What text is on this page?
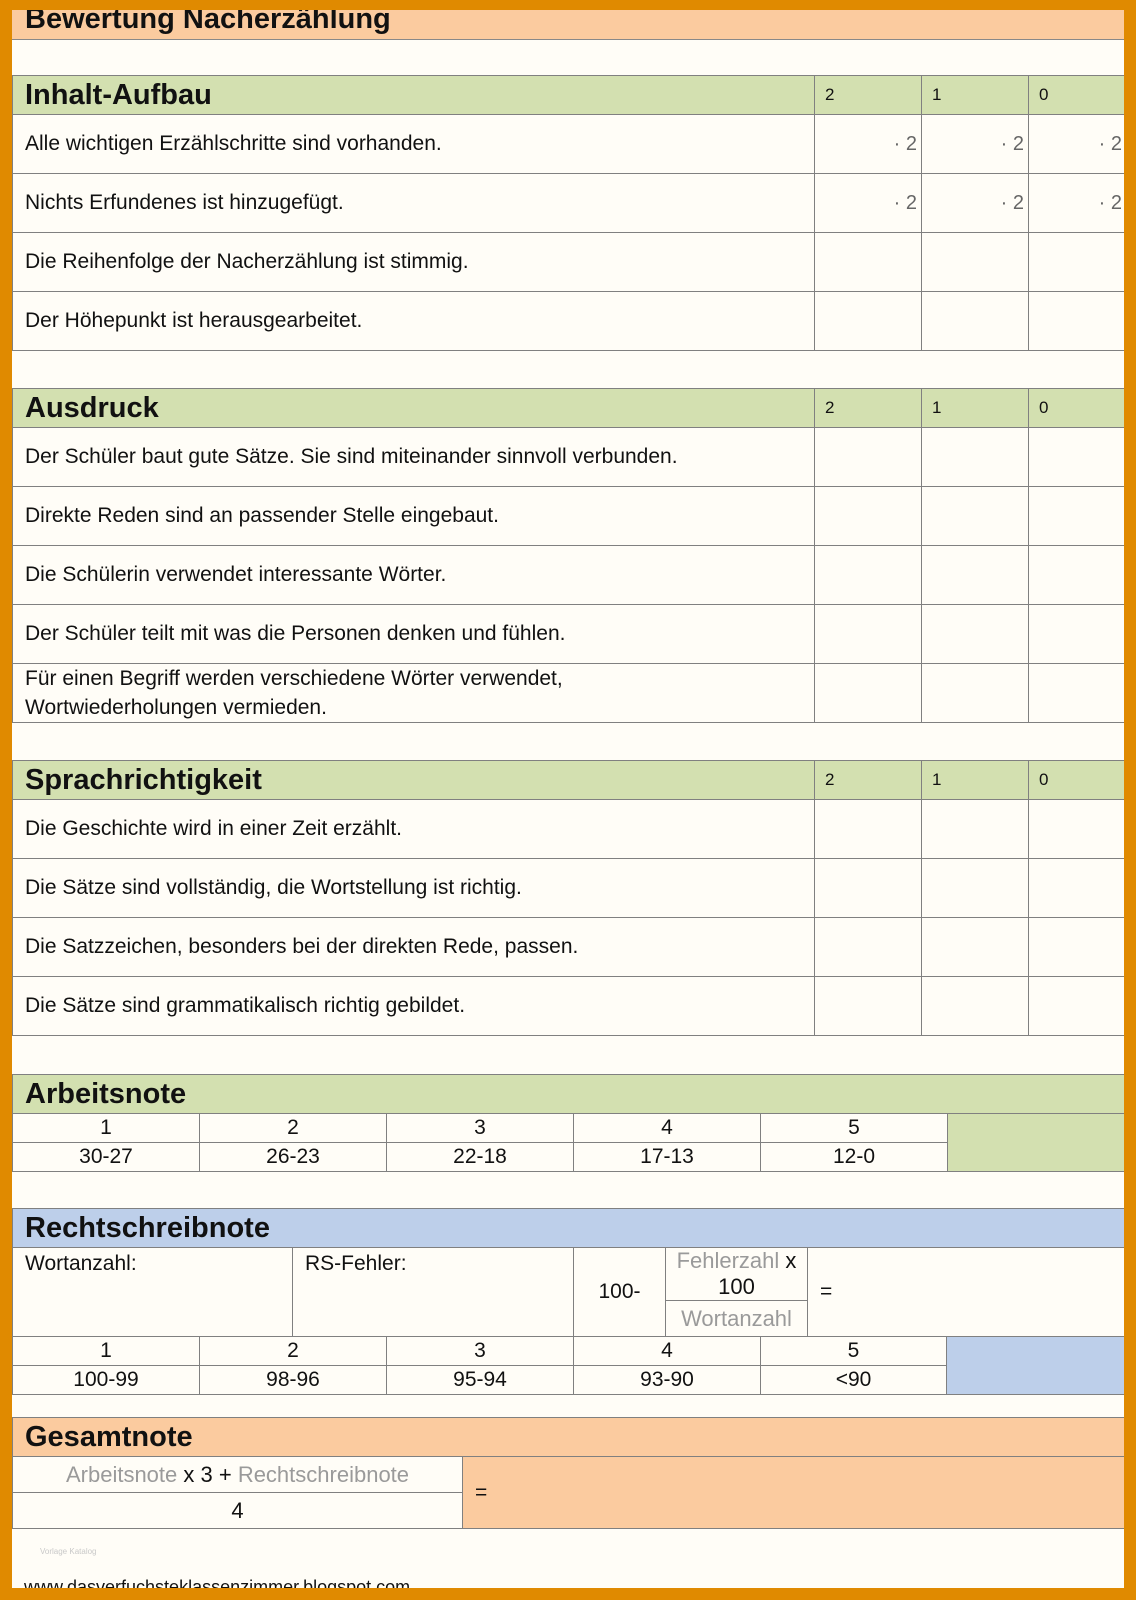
Bewertung Nacherzählung
Inhalt-Aufbau	2	1	0
Alle wichtigen Erzählschritte sind vorhanden.	· 2	· 2	· 2
Nichts Erfundenes ist hinzugefügt.	· 2	· 2	· 2
Die Reihenfolge der Nacherzählung ist stimmig.			
Der Höhepunkt ist herausgearbeitet.			
Ausdruck	2	1	0
Der Schüler baut gute Sätze. Sie sind miteinander sinnvoll verbunden.			
Direkte Reden sind an passender Stelle eingebaut.			
Die Schülerin verwendet interessante Wörter.			
Der Schüler teilt mit was die Personen denken und fühlen.			
Für einen Begriff werden verschiedene Wörter verwendet, Wortwiederholungen vermieden.			
Sprachrichtigkeit	2	1	0
Die Geschichte wird in einer Zeit erzählt.			
Die Sätze sind vollständig, die Wortstellung ist richtig.			
Die Satzzeichen, besonders bei der direkten Rede, passen.			
Die Sätze sind grammatikalisch richtig gebildet.			
Arbeitsnote					
1	2	3	4	5	
30-27	26-23	22-18	17-13	12-0	
Rechtschreibnote								
Wortanzahl:		RS-Fehler:		100-	Fehlerzahl x 100		=	
					Wortanzahl			
1	2		3	4		5		
100-99	98-96		95-94	93-90		<90		
Gesamtnote
Arbeitsnote x 3 + Rechtschreibnote	=
4
Vorlage Katalog
www.dasverfuchsteklassenzimmer.blogspot.com
